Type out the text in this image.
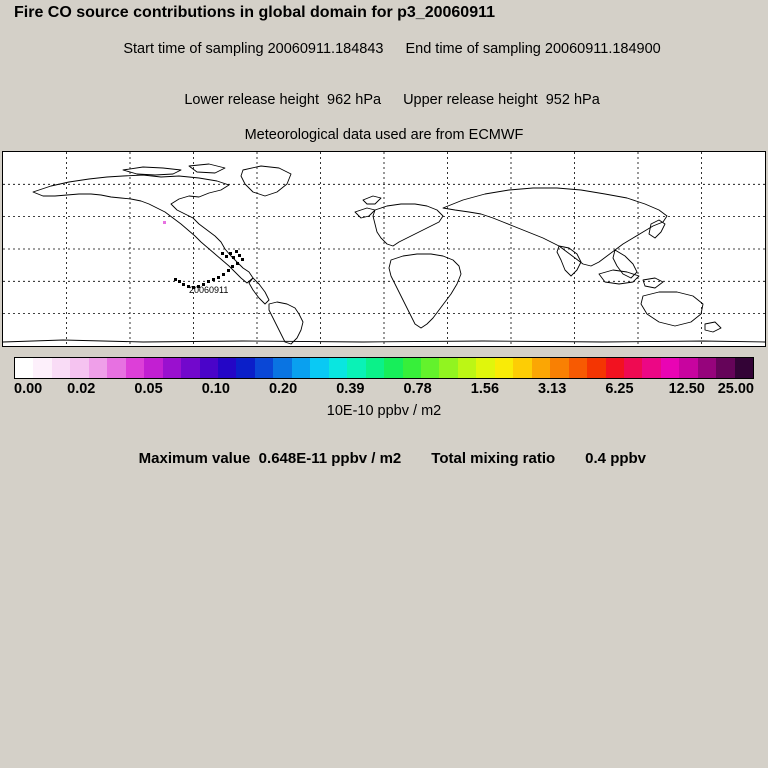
Fire CO source contributions in global domain for p3_20060911

Start time of sampling 20060911.184843 End time of sampling 20060911.184900

Lower release height  962 hPa Upper release height  952 hPa

Meteorological data used are from ECMWF
20060911
0.00 0.02	0.05	0.10	0.20	0.39	0.78	1.56	3.13	6.25 12.50 25.00
10E-10 ppbv / m2

Maximum value  0.648E-11 ppbv / m2 Total mixing ratio 0.4 ppbv
